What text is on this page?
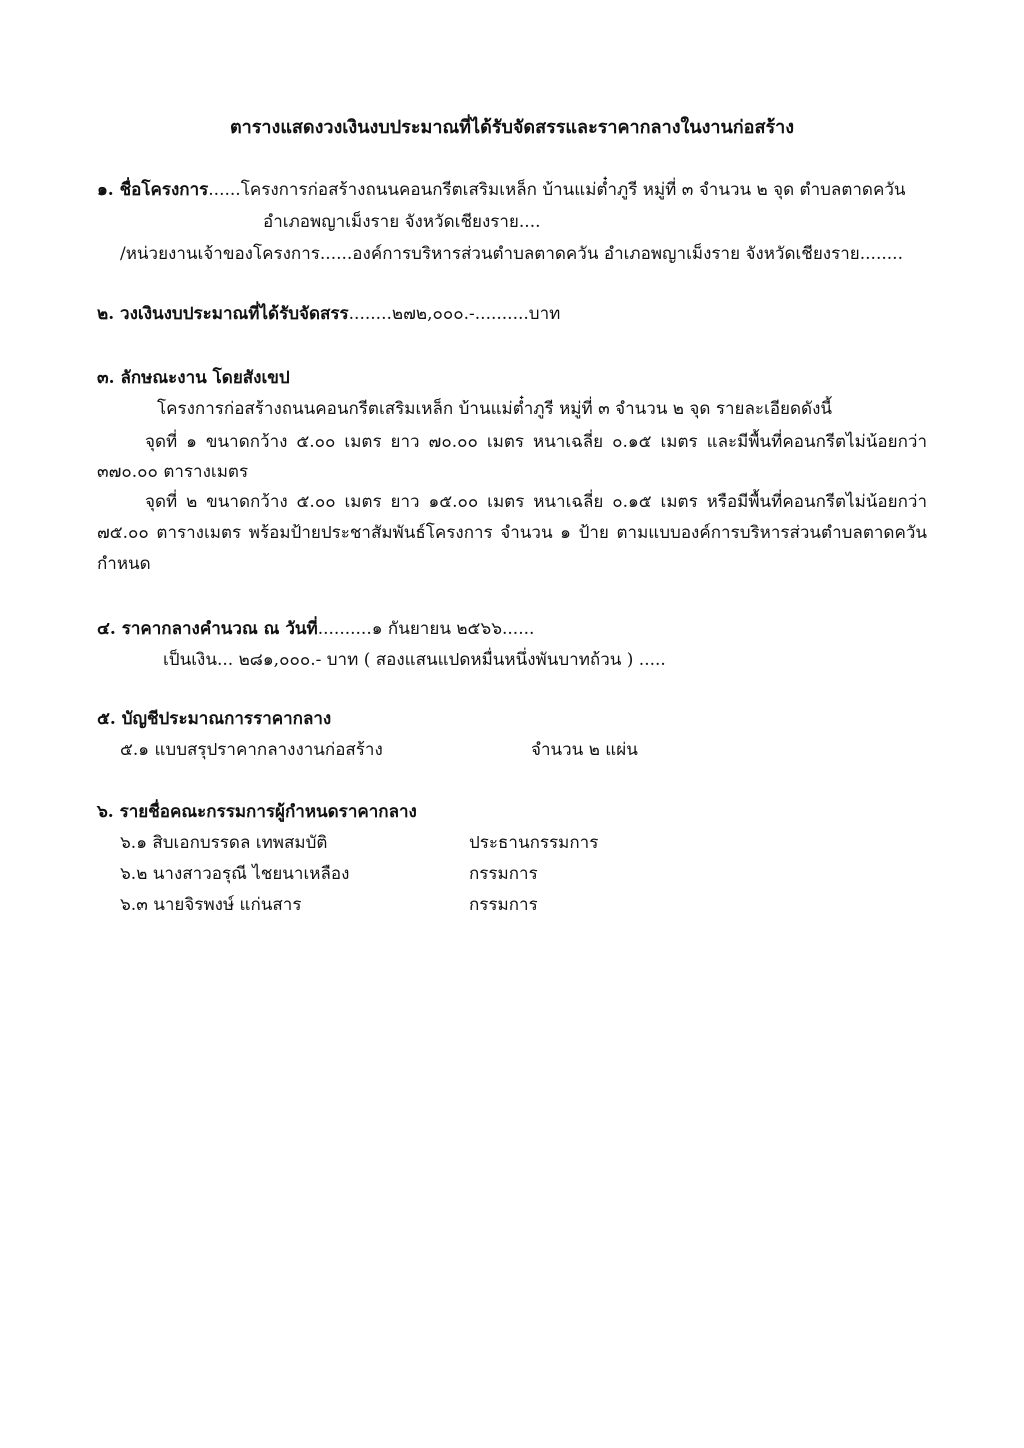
ตารางแสดงวงเงินงบประมาณที่ได้รับจัดสรรและราคากลางในงานก่อสร้าง
๑. ชื่อโครงการ......โครงการก่อสร้างถนนคอนกรีตเสริมเหล็ก บ้านแม่ต๋ำภูรี หมู่ที่ ๓ จำนวน ๒ จุด ตำบลตาดควัน
อำเภอพญาเม็งราย จังหวัดเชียงราย....
/หน่วยงานเจ้าของโครงการ......องค์การบริหารส่วนตำบลตาดควัน อำเภอพญาเม็งราย จังหวัดเชียงราย........
๒. วงเงินงบประมาณที่ได้รับจัดสรร........๒๗๒,๐๐๐.-..........บาท
๓. ลักษณะงาน โดยสังเขป
โครงการก่อสร้างถนนคอนกรีตเสริมเหล็ก บ้านแม่ต๋ำภูรี หมู่ที่ ๓ จำนวน ๒ จุด รายละเอียดดังนี้
จุดที่ ๑ ขนาดกว้าง ๕.๐๐ เมตร ยาว ๗๐.๐๐ เมตร หนาเฉลี่ย ๐.๑๕ เมตร และมีพื้นที่คอนกรีตไม่น้อยกว่า
๓๗๐.๐๐ ตารางเมตร
จุดที่ ๒ ขนาดกว้าง ๕.๐๐ เมตร ยาว ๑๕.๐๐ เมตร หนาเฉลี่ย ๐.๑๕ เมตร หรือมีพื้นที่คอนกรีตไม่น้อยกว่า
๗๕.๐๐ ตารางเมตร พร้อมป้ายประชาสัมพันธ์โครงการ จำนวน ๑ ป้าย ตามแบบองค์การบริหารส่วนตำบลตาดควัน
กำหนด
๔. ราคากลางคำนวณ ณ วันที่..........๑ กันยายน ๒๕๖๖......
เป็นเงิน... ๒๘๑,๐๐๐.- บาท ( สองแสนแปดหมื่นหนึ่งพันบาทถ้วน ) .....
๕. บัญชีประมาณการราคากลาง
๕.๑ แบบสรุปราคากลางงานก่อสร้าง	จำนวน ๒ แผ่น
๖. รายชื่อคณะกรรมการผู้กำหนดราคากลาง
๖.๑ สิบเอกบรรดล เทพสมบัติ	ประธานกรรมการ
๖.๒ นางสาวอรุณี ไชยนาเหลือง	กรรมการ
๖.๓ นายจิรพงษ์ แก่นสาร	กรรมการ
